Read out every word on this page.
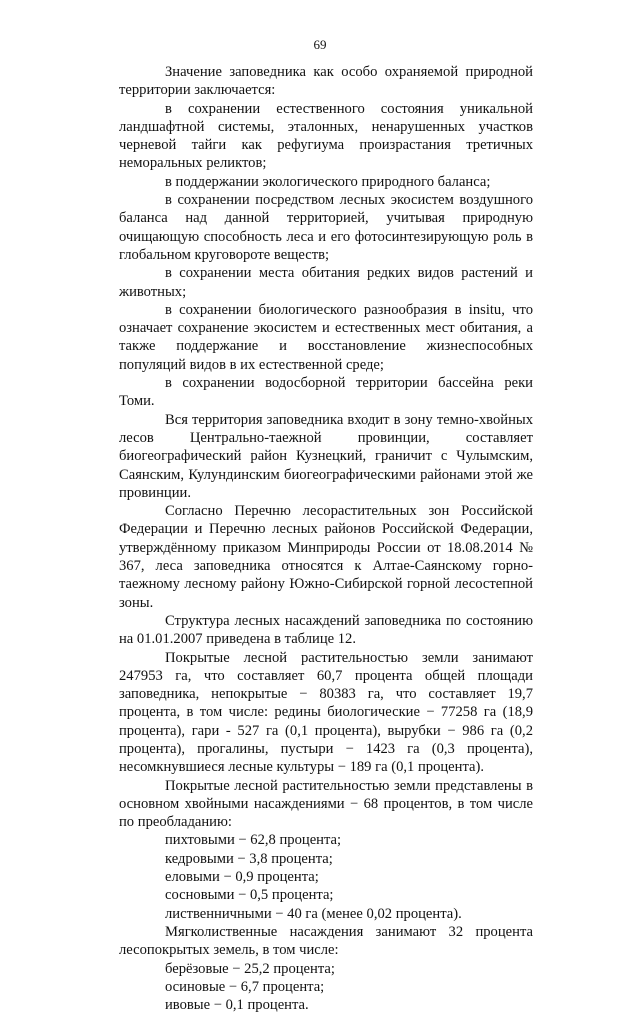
69

Значение заповедника как особо охраняемой природной территории заключается:

в сохранении естественного состояния уникальной ландшафтной системы, эталонных, ненарушенных участков черневой тайги как рефугиума произрастания третичных неморальных реликтов;

в поддержании экологического природного баланса;

в сохранении посредством лесных экосистем воздушного баланса над данной территорией, учитывая природную очищающую способность леса и его фотосинтезирующую роль в глобальном круговороте веществ;

в сохранении места обитания редких видов растений и животных;

в сохранении биологического разнообразия в insitu, что означает сохранение экосистем и естественных мест обитания, а также поддержание и восстановление жизнеспособных популяций видов в их естественной среде;

в сохранении водосборной территории бассейна реки Томи.

Вся территория заповедника входит в зону темно-хвойных лесов Центрально-таежной провинции, составляет биогеографический район Кузнецкий, граничит с Чулымским, Саянским, Кулундинским биогеографическими районами этой же провинции.

Согласно Перечню лесорастительных зон Российской Федерации и Перечню лесных районов Российской Федерации, утверждённому приказом Минприроды России от 18.08.2014 № 367, леса заповедника относятся к Алтае-Саянскому горно-таежному лесному району Южно-Сибирской горной лесостепной зоны.

Структура лесных насаждений заповедника по состоянию на 01.01.2007 приведена в таблице 12.

Покрытые лесной растительностью земли занимают 247953 га, что составляет 60,7 процента общей площади заповедника, непокрытые − 80383 га, что составляет 19,7 процента, в том числе: редины биологические − 77258 га (18,9 процента), гари - 527 га (0,1 процента), вырубки − 986 га (0,2 процента), прогалины, пустыри − 1423 га (0,3 процента), несомкнувшиеся лесные культуры − 189 га (0,1 процента).

Покрытые лесной растительностью земли представлены в основном хвойными насаждениями − 68 процентов, в том числе по преобладанию:

пихтовыми − 62,8 процента;

кедровыми − 3,8 процента;

еловыми − 0,9 процента;

сосновыми − 0,5 процента;

лиственничными − 40 га (менее 0,02 процента).

Мягколиственные насаждения занимают 32 процента лесопокрытых земель, в том числе:

берёзовые − 25,2 процента;

осиновые − 6,7 процента;

ивовые − 0,1 процента.
